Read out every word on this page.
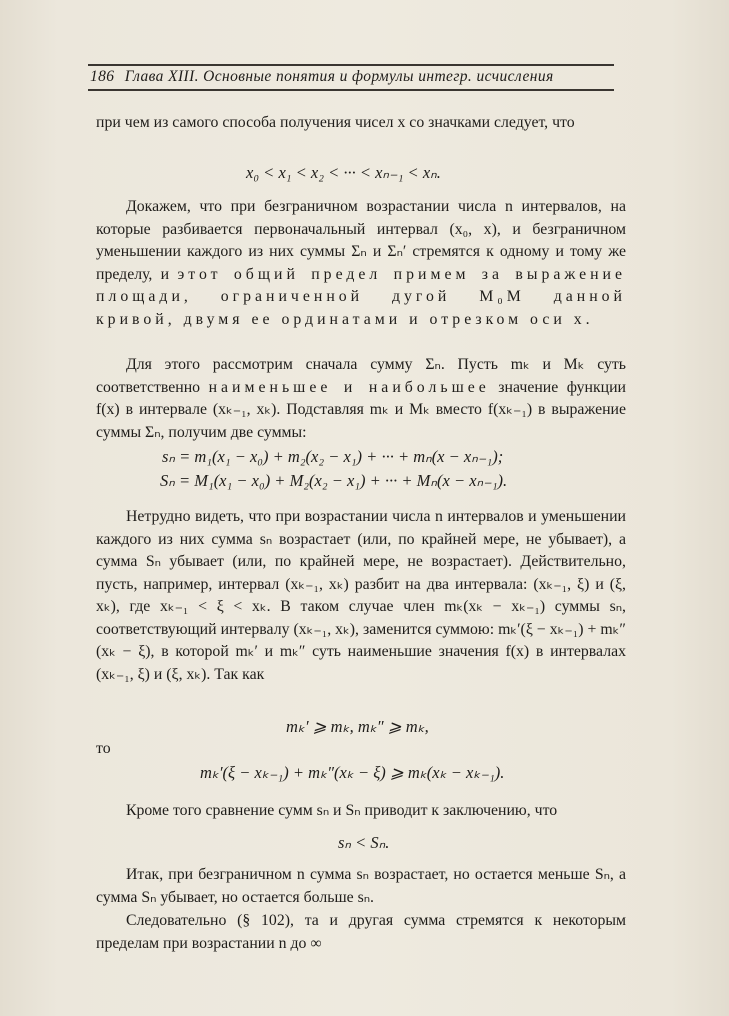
186 Глава XIII. Основные понятия и формулы интегр. исчисления

при чем из самого способа получения чисел x со значками следует, что

x₀ < x₁ < x₂ < ··· < xₙ₋₁ < xₙ.

Докажем, что при безграничном возрастании числа n интервалов, на которые разбивается первоначальный интервал (x₀, x), и безграничном уменьшении каждого из них суммы Σₙ и Σₙ′ стремятся к одному и тому же пределу, и этот общий предел примем за выражение площади, ограниченной дугой M₀M данной кривой, двумя ее ординатами и отрезком оси x.

Для этого рассмотрим сначала сумму Σₙ. Пусть mₖ и Mₖ суть соответственно наименьшее и наибольшее значение функции f(x) в интервале (xₖ₋₁, xₖ). Подставляя mₖ и Mₖ вместо f(xₖ₋₁) в выражение суммы Σₙ, получим две суммы:

sₙ = m₁(x₁ − x₀) + m₂(x₂ − x₁) + ··· + mₙ(x − xₙ₋₁);
Sₙ = M₁(x₁ − x₀) + M₂(x₂ − x₁) + ··· + Mₙ(x − xₙ₋₁).

Нетрудно видеть, что при возрастании числа n интервалов и уменьшении каждого из них сумма sₙ возрастает (или, по крайней мере, не убывает), а сумма Sₙ убывает (или, по крайней мере, не возрастает). Действительно, пусть, например, интервал (xₖ₋₁, xₖ) разбит на два интервала: (xₖ₋₁, ξ) и (ξ, xₖ), где xₖ₋₁ < ξ < xₖ. В таком случае член mₖ(xₖ − xₖ₋₁) суммы sₙ, соответствующий интервалу (xₖ₋₁, xₖ), заменится суммою: mₖ′(ξ − xₖ₋₁) + mₖ″(xₖ − ξ), в которой mₖ′ и mₖ″ суть наименьшие значения f(x) в интервалах (xₖ₋₁, ξ) и (ξ, xₖ). Так как

mₖ′ ⩾ mₖ, mₖ″ ⩾ mₖ,
то
mₖ′(ξ − xₖ₋₁) + mₖ″(xₖ − ξ) ⩾ mₖ(xₖ − xₖ₋₁).

Кроме того сравнение сумм sₙ и Sₙ приводит к заключению, что

sₙ < Sₙ.

Итак, при безграничном n сумма sₙ возрастает, но остается меньше Sₙ, а сумма Sₙ убывает, но остается больше sₙ.

Следовательно (§ 102), та и другая сумма стремятся к некоторым пределам при возрастании n до ∞
